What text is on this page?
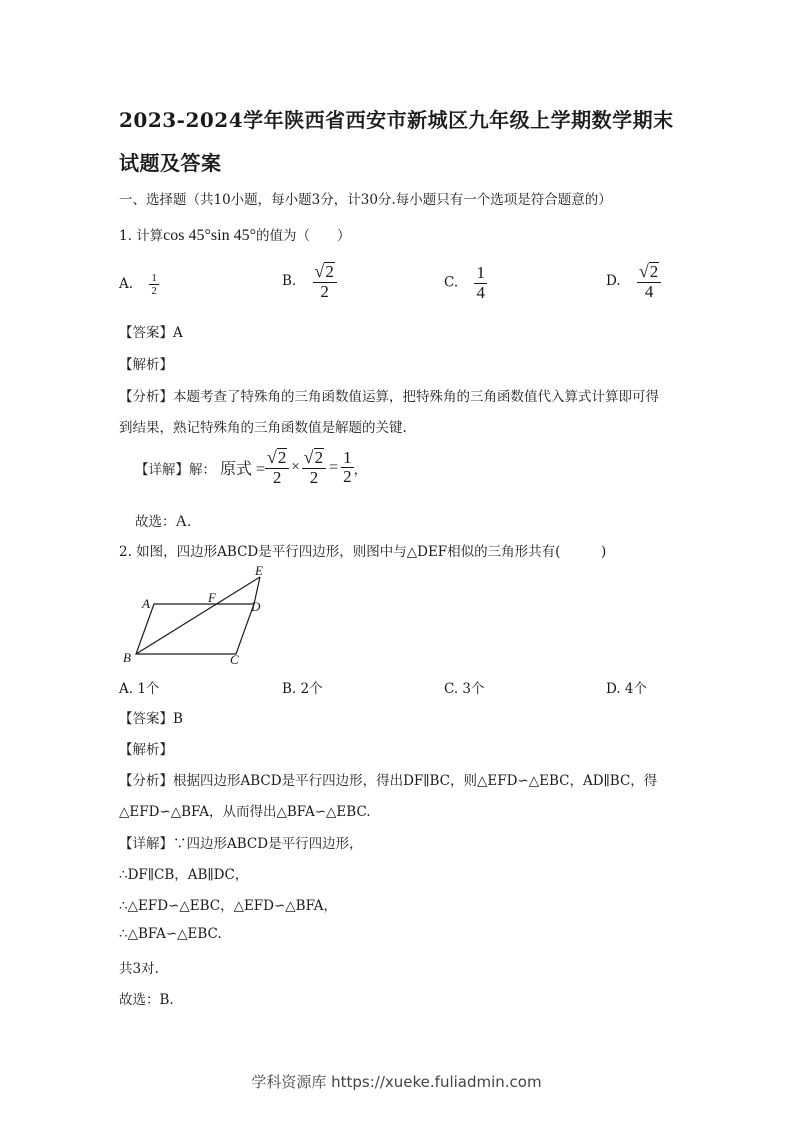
2023-2024学年陕西省西安市新城区九年级上学期数学期末
试题及答案
一、选择题（共10小题，每小题3分，计30分.每小题只有一个选项是符合题意的）
1. 计算cos 45°sin 45°的值为（　　）
A. $\frac{1}{2}$	B. $\frac{√ 2}{2}$	C. $\frac{1}{4}$	D. $\frac{√ 2}{4}$
【答案】A
【解析】
【分析】本题考查了特殊角的三角函数值运算，把特殊角的三角函数值代入算式计算即可得
到结果，熟记特殊角的三角函数值是解题的关键.
【详解】解： 原式 = $\frac{√ 2}{2} \times \frac{√ 2}{2} = \frac{1}{2}$ ，
故选：A.
2. 如图，四边形ABCD是平行四边形，则图中与△DEF相似的三角形共有(　　　)
A
B	C
D
E
F
A. 1个	B. 2个	C. 3个	D. 4个
【答案】B
【解析】
【分析】根据四边形ABCD是平行四边形，得出DF∥BC，则△EFD∽△EBC，AD∥BC，得
△EFD∽△BFA，从而得出△BFA∽△EBC.
【详解】∵四边形ABCD是平行四边形，
∴DF∥CB，AB∥DC，
∴△EFD∽△EBC，△EFD∽△BFA，
∴△BFA∽△EBC.
共3对.
故选：B.
学科资源库 https://xueke.fuliadmin.com
